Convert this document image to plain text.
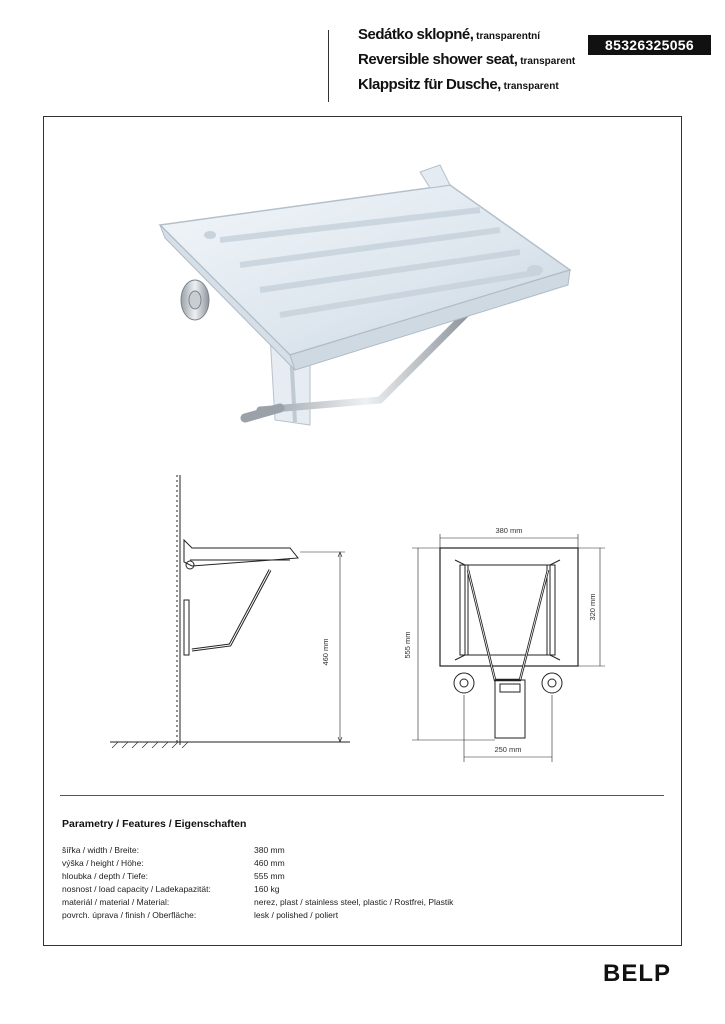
Sedátko sklopné, transparentní
Reversible shower seat, transparent
Klappsitz für Dusche, transparent
85326325056
460 mm
380 mm
555 mm
320 mm
250 mm
Parametry / Features / Eigenschaften
šířka / width / Breite:	380 mm
výška / height / Höhe:	460 mm
hloubka / depth / Tiefe:	555 mm
nosnost / load capacity / Ladekapazität:	160 kg
materiál / material / Material:	nerez, plast / stainless steel, plastic / Rostfrei, Plastik
povrch. úprava / finish / Oberfläche:	lesk / polished / poliert
BELP
